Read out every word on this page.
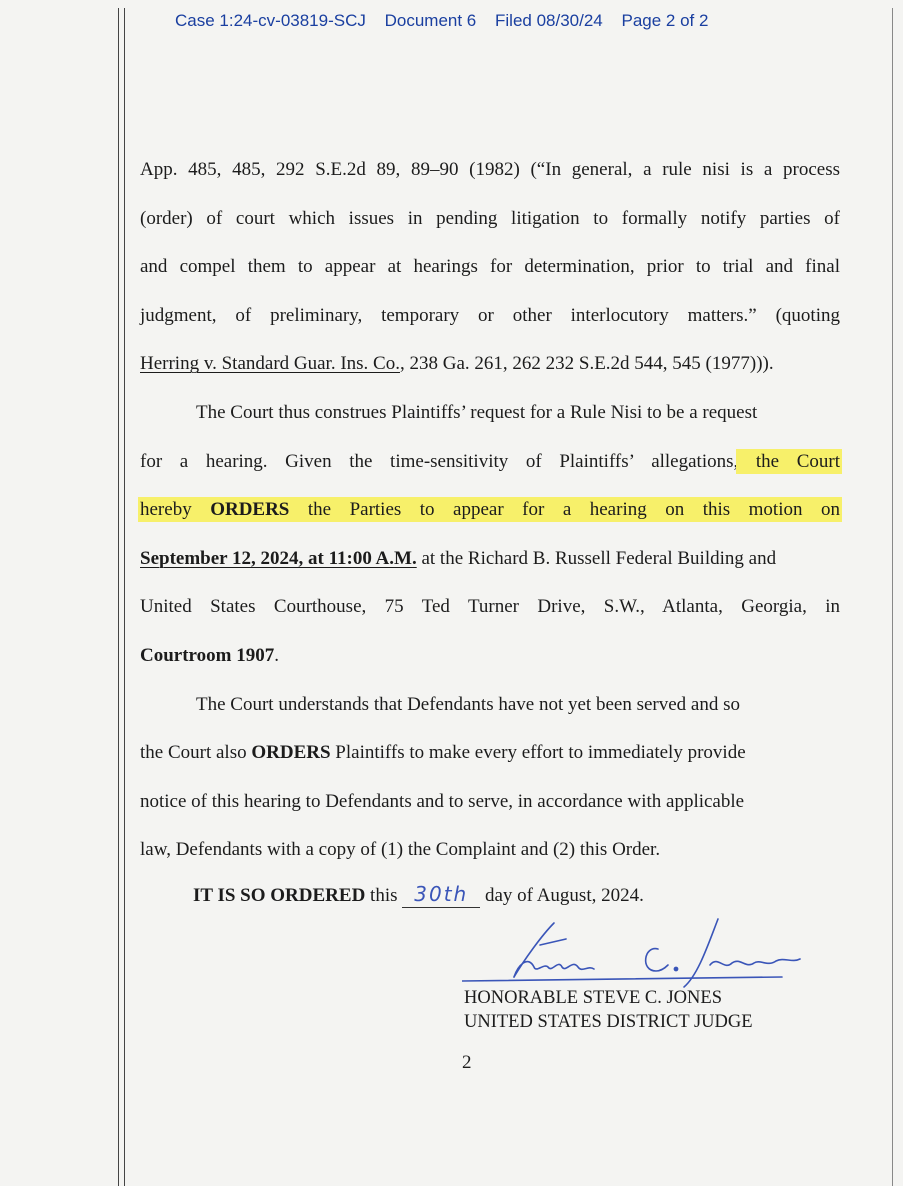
Case 1:24-cv-03819-SCJ Document 6 Filed 08/30/24 Page 2 of 2
App. 485, 485, 292 S.E.2d 89, 89–90 (1982) (“In general, a rule nisi is a process
(order) of court which issues in pending litigation to formally notify parties of
and compel them to appear at hearings for determination, prior to trial and final
judgment, of preliminary, temporary or other interlocutory matters.” (quoting
Herring v. Standard Guar. Ins. Co., 238 Ga. 261, 262 232 S.E.2d 544, 545 (1977))).
The Court thus construes Plaintiffs’ request for a Rule Nisi to be a request
for a hearing. Given the time-sensitivity of Plaintiffs’ allegations, the Court
hereby ORDERS the Parties to appear for a hearing on this motion on
September 12, 2024, at 11:00 A.M. at the Richard B. Russell Federal Building and
United States Courthouse, 75 Ted Turner Drive, S.W., Atlanta, Georgia, in
Courtroom 1907.
The Court understands that Defendants have not yet been served and so
the Court also ORDERS Plaintiffs to make every effort to immediately provide
notice of this hearing to Defendants and to serve, in accordance with applicable
law, Defendants with a copy of (1) the Complaint and (2) this Order.
IT IS SO ORDERED this 30th day of August, 2024.
HONORABLE STEVE C. JONES
UNITED STATES DISTRICT JUDGE
2
